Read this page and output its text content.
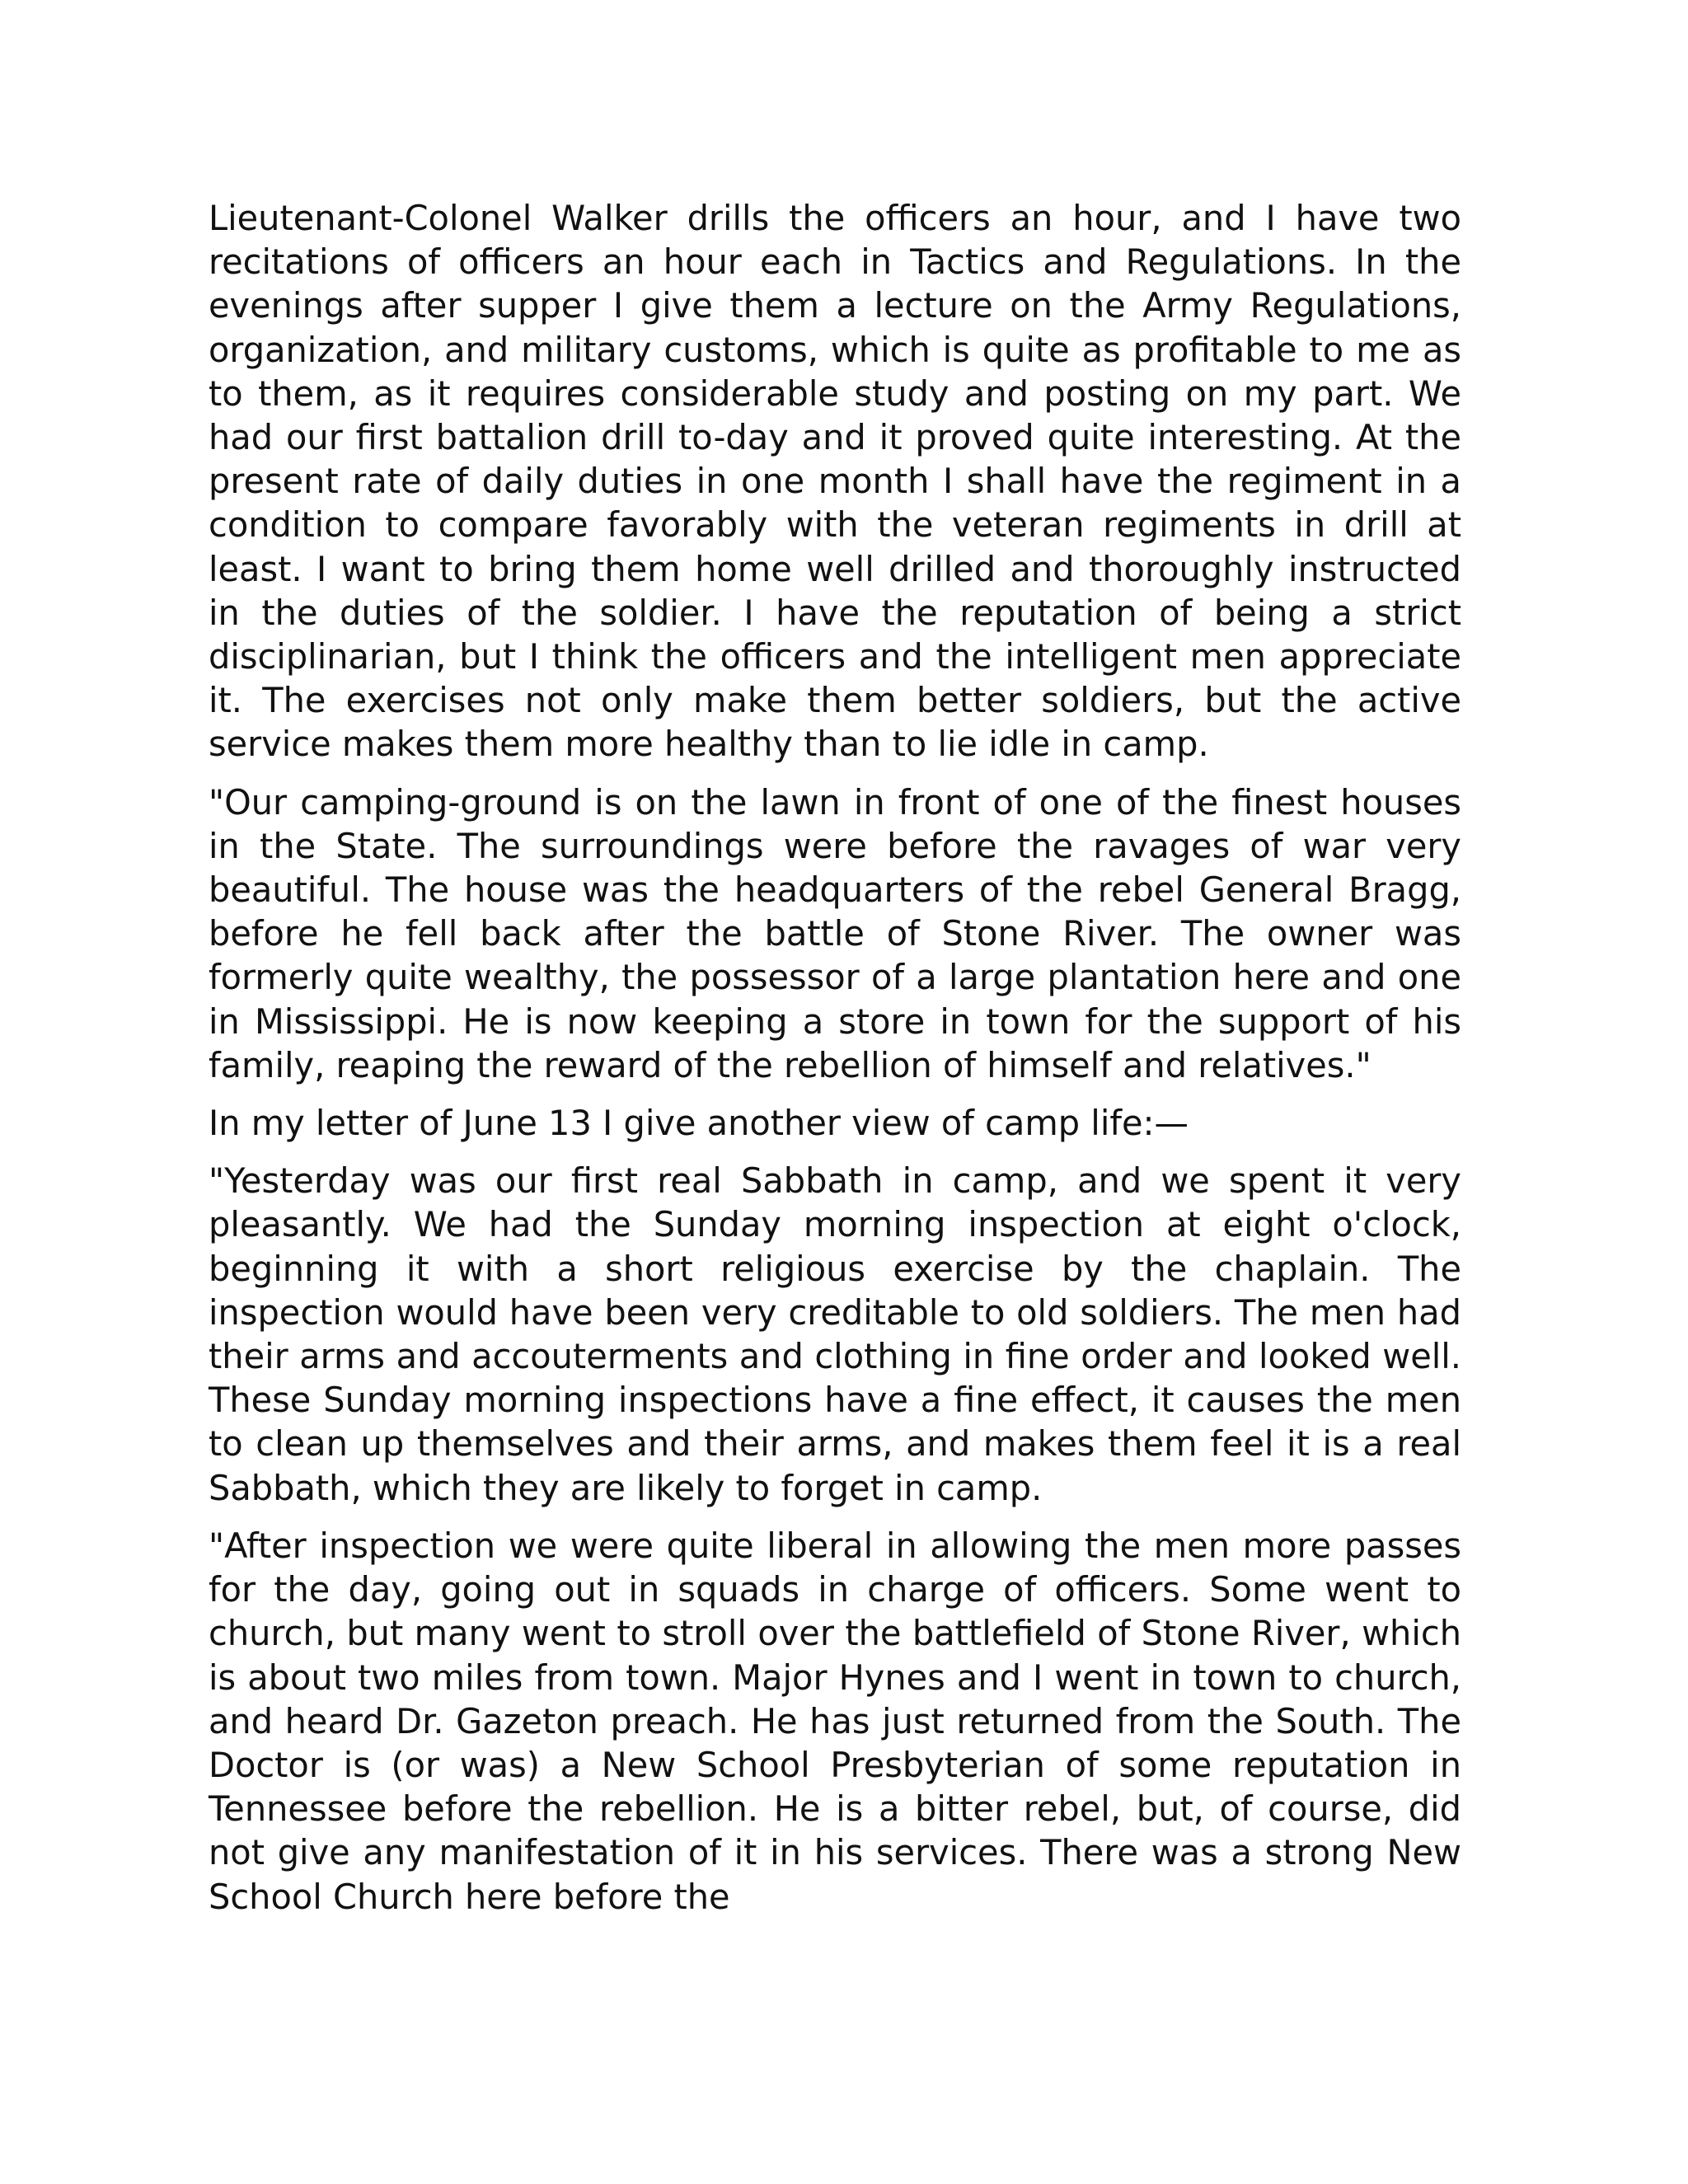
Lieutenant-Colonel Walker drills the officers an hour, and I have two recitations of officers an hour each in Tactics and Regulations. In the evenings after supper I give them a lecture on the Army Regulations, organization, and military customs, which is quite as profitable to me as to them, as it requires considerable study and posting on my part. We had our first battalion drill to-day and it proved quite interesting. At the present rate of daily duties in one month I shall have the regiment in a condition to compare favorably with the veteran regiments in drill at least. I want to bring them home well drilled and thoroughly instructed in the duties of the soldier. I have the reputation of being a strict disciplinarian, but I think the officers and the intelligent men appreciate it. The exercises not only make them better soldiers, but the active service makes them more healthy than to lie idle in camp.

"Our camping-ground is on the lawn in front of one of the finest houses in the State. The surroundings were before the ravages of war very beautiful. The house was the headquarters of the rebel General Bragg, before he fell back after the battle of Stone River. The owner was formerly quite wealthy, the possessor of a large plantation here and one in Mississippi. He is now keeping a store in town for the support of his family, reaping the reward of the rebellion of himself and relatives."

In my letter of June 13 I give another view of camp life:—

"Yesterday was our first real Sabbath in camp, and we spent it very pleasantly. We had the Sunday morning inspection at eight o'clock, beginning it with a short religious exercise by the chaplain. The inspection would have been very creditable to old soldiers. The men had their arms and accouterments and clothing in fine order and looked well. These Sunday morning inspections have a fine effect, it causes the men to clean up themselves and their arms, and makes them feel it is a real Sabbath, which they are likely to forget in camp.

"After inspection we were quite liberal in allowing the men more passes for the day, going out in squads in charge of officers. Some went to church, but many went to stroll over the battlefield of Stone River, which is about two miles from town. Major Hynes and I went in town to church, and heard Dr. Gazeton preach. He has just returned from the South. The Doctor is (or was) a New School Presbyterian of some reputation in Tennessee before the rebellion. He is a bitter rebel, but, of course, did not give any manifestation of it in his services. There was a strong New School Church here before the
